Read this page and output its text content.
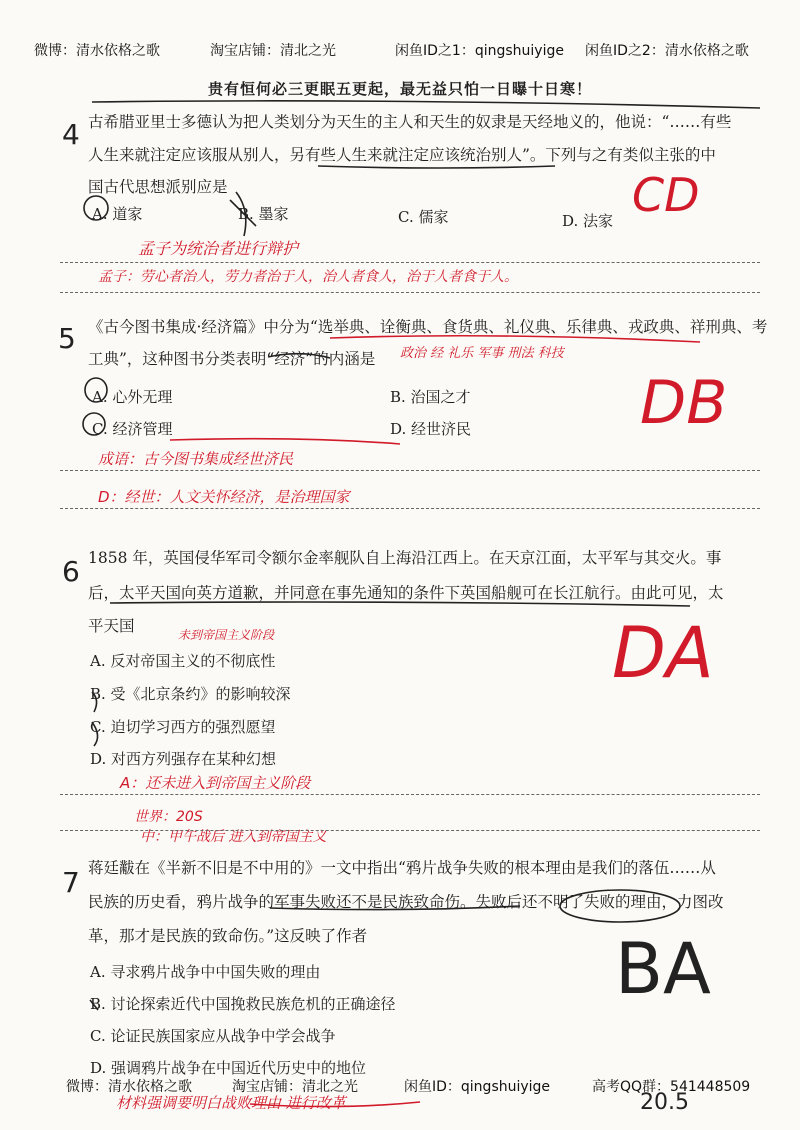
微博：清水依格之歌	淘宝店铺：清北之光	闲鱼ID之1：qingshuiyige 闲鱼ID之2：清水依格之歌
贵有恒何必三更眠五更起，最无益只怕一日曝十日寒！
4 古希腊亚里士多德认为把人类划分为天生的主人和天生的奴隶是天经地义的，他说：“……有些
人生来就注定应该服从别人，另有些人生来就注定应该统治别人”。下列与之有类似主张的中
国古代思想派别应是
A. 道家	B. 墨家	C. 儒家	D. 法家 CD
孟子为统治者进行辩护
孟子：劳心者治人，劳力者治于人，治人者食人，治于人者食于人。
5 《古今图书集成·经济篇》中分为“选举典、诠衡典、食货典、礼仪典、乐律典、戎政典、祥刑典、考
工典”，这种图书分类表明“经济”的内涵是
A. 心外无理	B. 治国之才
C. 经济管理	D. 经世济民
政治 经 礼乐 军事 刑法 科技
DB
成语：古今图书集成经世济民
D：经世：人文关怀经济，是治理国家
6 1858 年，英国侵华军司令额尔金率舰队自上海沿江西上。在天京江面，太平军与其交火。事
后，太平天国向英方道歉，并同意在事先通知的条件下英国船舰可在长江航行。由此可见，太
平天国
A. 反对帝国主义的不彻底性
B. 受《北京条约》的影响较深
C. 迫切学习西方的强烈愿望
D. 对西方列强存在某种幻想
未到帝国主义阶段	DA
A：还未进入到帝国主义阶段
世界：20S
中：甲午战后 进入到帝国主义
7 蒋廷黻在《半新不旧是不中用的》一文中指出“鸦片战争失败的根本理由是我们的落伍……从
民族的历史看，鸦片战争的军事失败还不是民族致命伤。失败后还不明了失败的理由，力图改
革，那才是民族的致命伤。”这反映了作者
A. 寻求鸦片战争中中国失败的理由
B. 讨论探索近代中国挽救民族危机的正确途径
C. 论证民族国家应从战争中学会战争
D. 强调鸦片战争在中国近代历史中的地位
BA
材料强调要明白战败理由 进行改革
微博：清水依格之歌	淘宝店铺：清北之光	闲鱼ID：qingshuiyige	高考QQ群：541448509
20.5
